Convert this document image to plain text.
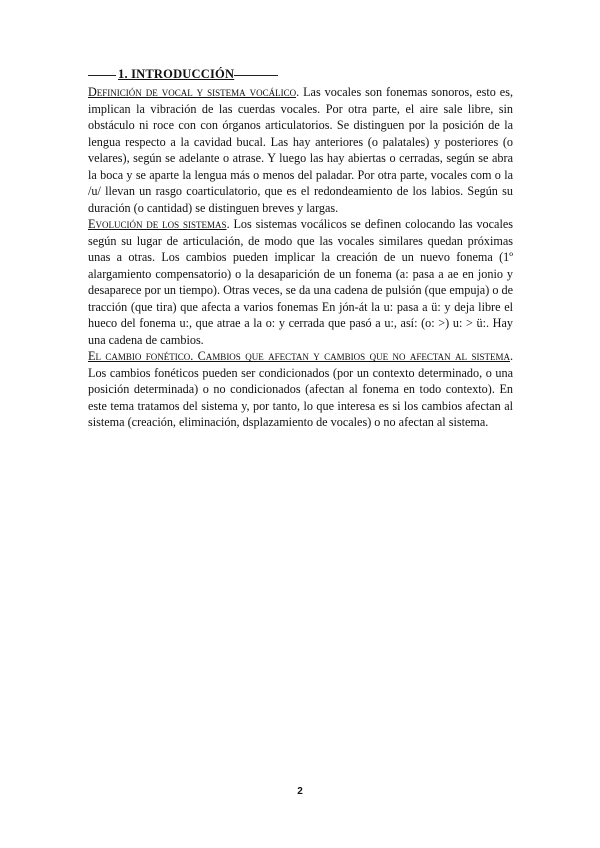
1. INTRODUCCIÓN

Definición de vocal y sistema vocálico. Las vocales son fonemas sonoros, esto es, implican la vibración de las cuerdas vocales. Por otra parte, el aire sale libre, sin obstáculo ni roce con con órganos articulatorios. Se distinguen por la posición de la lengua respecto a la cavidad bucal. Las hay anteriores (o palatales) y posteriores (o velares), según se adelante o atrase. Y luego las hay abiertas o cerradas, según se abra la boca y se aparte la lengua más o menos del paladar. Por otra parte, vocales com o la /u/ llevan un rasgo coarticulatorio, que es el redondeamiento de los labios. Según su duración (o cantidad) se distinguen breves y largas.

Evolución de los sistemas. Los sistemas vocálicos se definen colocando las vocales según su lugar de articulación, de modo que las vocales similares quedan próximas unas a otras. Los cambios pueden implicar la creación de un nuevo fonema (1º alargamiento compensatorio) o la desaparición de un fonema (a: pasa a ae en jonio y desaparece por un tiempo). Otras veces, se da una cadena de pulsión (que empuja) o de tracción (que tira) que afecta a varios fonemas En jón-át la u: pasa a ü: y deja libre el hueco del fonema u:, que atrae a la o: y cerrada que pasó a u:, así: (o: >) u: > ü:. Hay una cadena de cambios.

El cambio fonético. Cambios que afectan y cambios que no afectan al sistema. Los cambios fonéticos pueden ser condicionados (por un contexto determinado, o una posición determinada) o no condicionados (afectan al fonema en todo contexto). En este tema tratamos del sistema y, por tanto, lo que interesa es si los cambios afectan al sistema (creación, eliminación, dsplazamiento de vocales) o no afectan al sistema.

2
